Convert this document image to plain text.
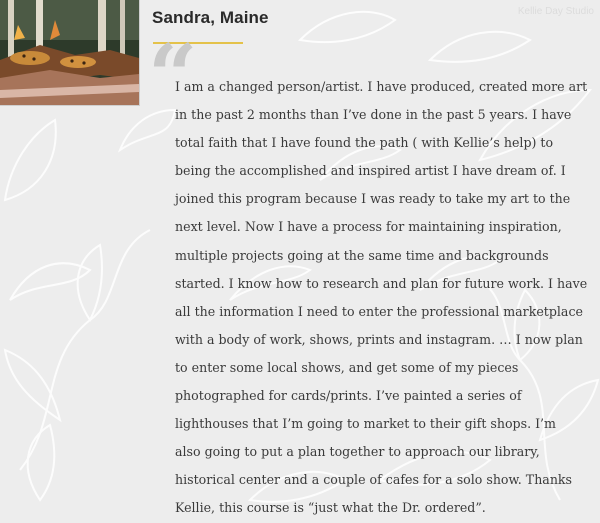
Sandra, Maine

“

I am a changed person/artist. I have produced, created more art
in the past 2 months than I’ve done in the past 5 years. I have
total faith that I have found the path ( with Kellie’s help) to
being the accomplished and inspired artist I have dream of. I
joined this program because I was ready to take my art to the
next level. Now I have a process for maintaining inspiration,
multiple projects going at the same time and backgrounds
started. I know how to research and plan for future work. I have
all the information I need to enter the professional marketplace
with a body of work, shows, prints and instagram. … I now plan
to enter some local shows, and get some of my pieces
photographed for cards/prints. I’ve painted a series of
lighthouses that I’m going to market to their gift shops. I’m
also going to put a plan together to approach our library,
historical center and a couple of cafes for a solo show. Thanks
Kellie, this course is “just what the Dr. ordered”.

Kellie Day Studio
